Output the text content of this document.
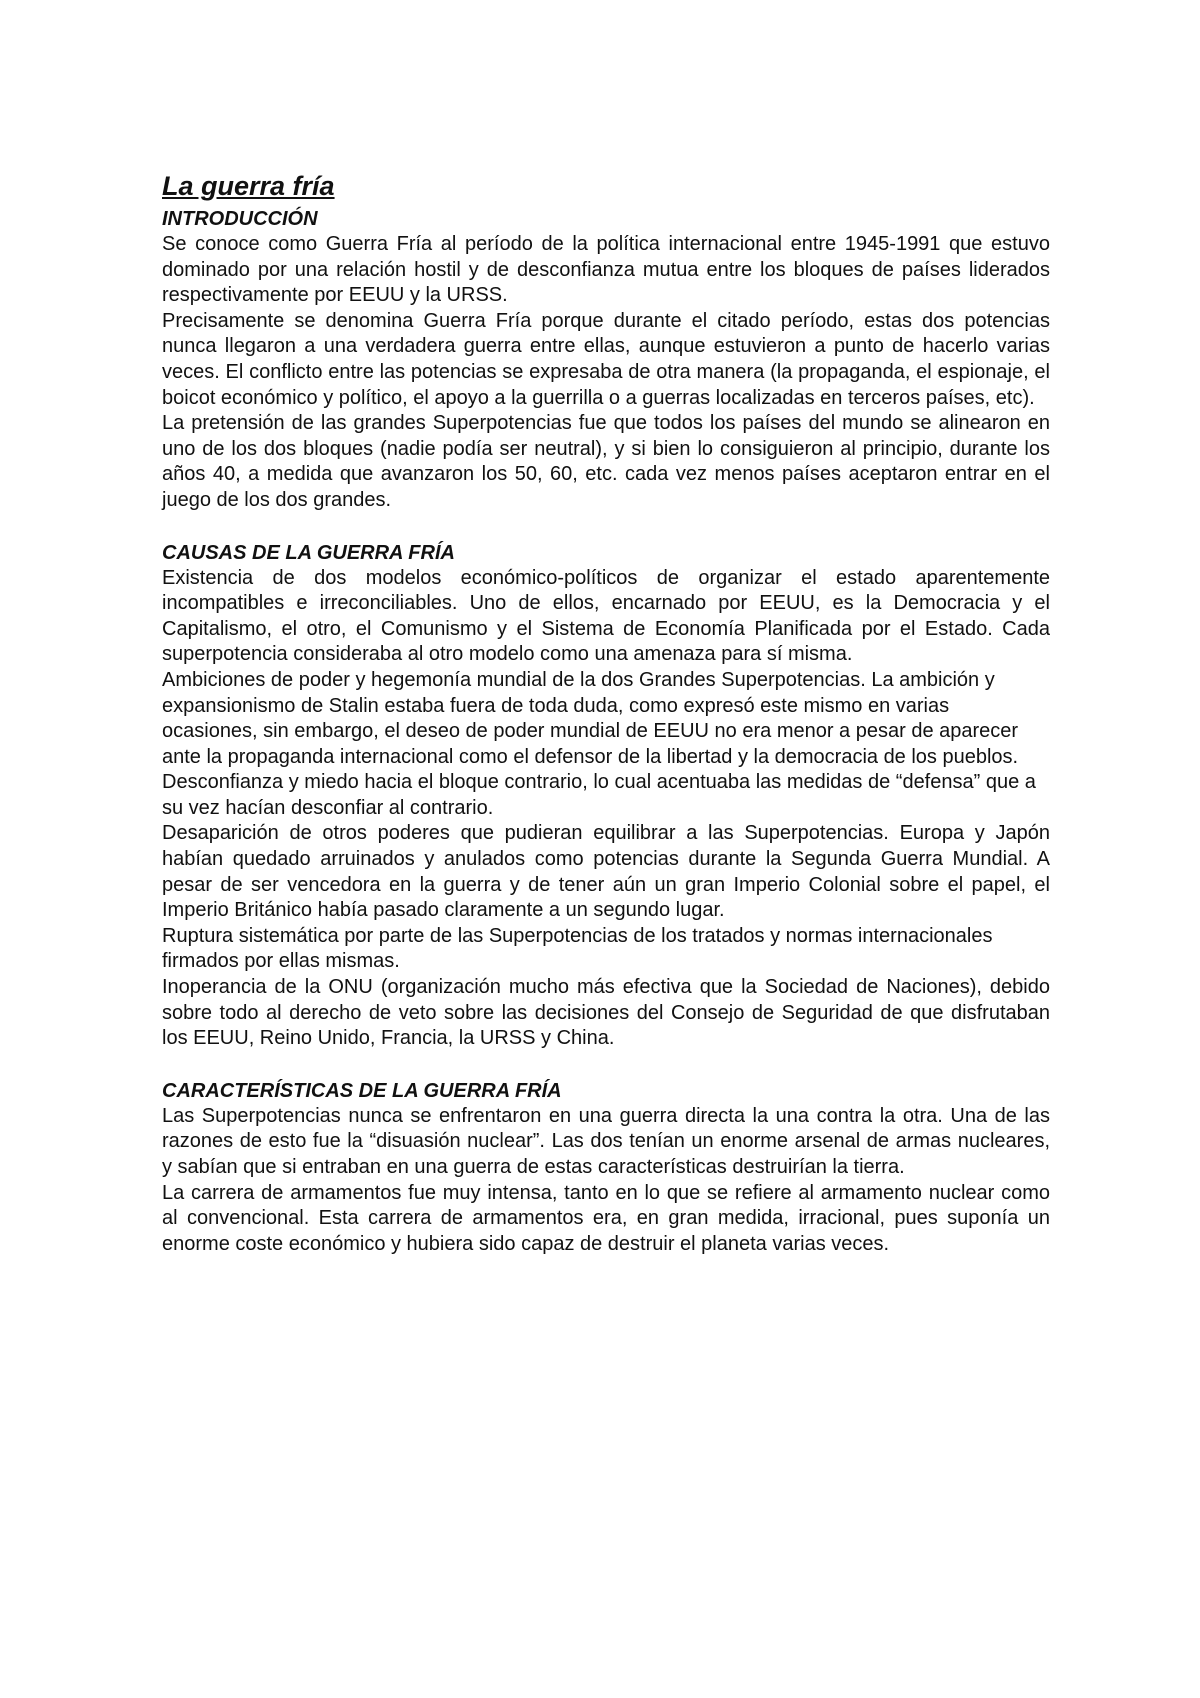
La guerra fría
INTRODUCCIÓN

Se conoce como Guerra Fría al período de la política internacional entre 1945-1991 que estuvo dominado por una relación hostil y de desconfianza mutua entre los bloques de países liderados respectivamente por EEUU y la URSS.

Precisamente se denomina Guerra Fría porque durante el citado período, estas dos potencias nunca llegaron a una verdadera guerra entre ellas, aunque estuvieron a punto de hacerlo varias veces. El conflicto entre las potencias se expresaba de otra manera (la propaganda, el espionaje, el boicot económico y político, el apoyo a la guerrilla o a guerras localizadas en terceros países, etc).

La pretensión de las grandes Superpotencias fue que todos los países del mundo se alinearon en uno de los dos bloques (nadie podía ser neutral), y si bien lo consiguieron al principio, durante los años 40, a medida que avanzaron los 50, 60, etc. cada vez menos países aceptaron entrar en el juego de los dos grandes.

CAUSAS DE LA GUERRA FRÍA

Existencia de dos modelos económico-políticos de organizar el estado aparentemente incompatibles e irreconciliables. Uno de ellos, encarnado por EEUU, es la Democracia y el Capitalismo, el otro, el Comunismo y el Sistema de Economía Planificada por el Estado. Cada superpotencia consideraba al otro modelo como una amenaza para sí misma.

Ambiciones de poder y hegemonía mundial de la dos Grandes Superpotencias. La ambición y expansionismo de Stalin estaba fuera de toda duda, como expresó este mismo en varias ocasiones, sin embargo, el deseo de poder mundial de EEUU no era menor a pesar de aparecer ante la propaganda internacional como el defensor de la libertad y la democracia de los pueblos.

Desconfianza y miedo hacia el bloque contrario, lo cual acentuaba las medidas de “defensa” que a su vez hacían desconfiar al contrario.

Desaparición de otros poderes que pudieran equilibrar a las Superpotencias. Europa y Japón habían quedado arruinados y anulados como potencias durante la Segunda Guerra Mundial. A pesar de ser vencedora en la guerra y de tener aún un gran Imperio Colonial sobre el papel, el Imperio Británico había pasado claramente a un segundo lugar.

Ruptura sistemática por parte de las Superpotencias de los tratados y normas internacionales firmados por ellas mismas.

Inoperancia de la ONU (organización mucho más efectiva que la Sociedad de Naciones), debido sobre todo al derecho de veto sobre las decisiones del Consejo de Seguridad de que disfrutaban los EEUU, Reino Unido, Francia, la URSS y China.

CARACTERÍSTICAS DE LA GUERRA FRÍA

Las Superpotencias nunca se enfrentaron en una guerra directa la una contra la otra. Una de las razones de esto fue la “disuasión nuclear”. Las dos tenían un enorme arsenal de armas nucleares, y sabían que si entraban en una guerra de estas características destruirían la tierra.

La carrera de armamentos fue muy intensa, tanto en lo que se refiere al armamento nuclear como al convencional. Esta carrera de armamentos era, en gran medida, irracional, pues suponía un enorme coste económico y hubiera sido capaz de destruir el planeta varias veces.
